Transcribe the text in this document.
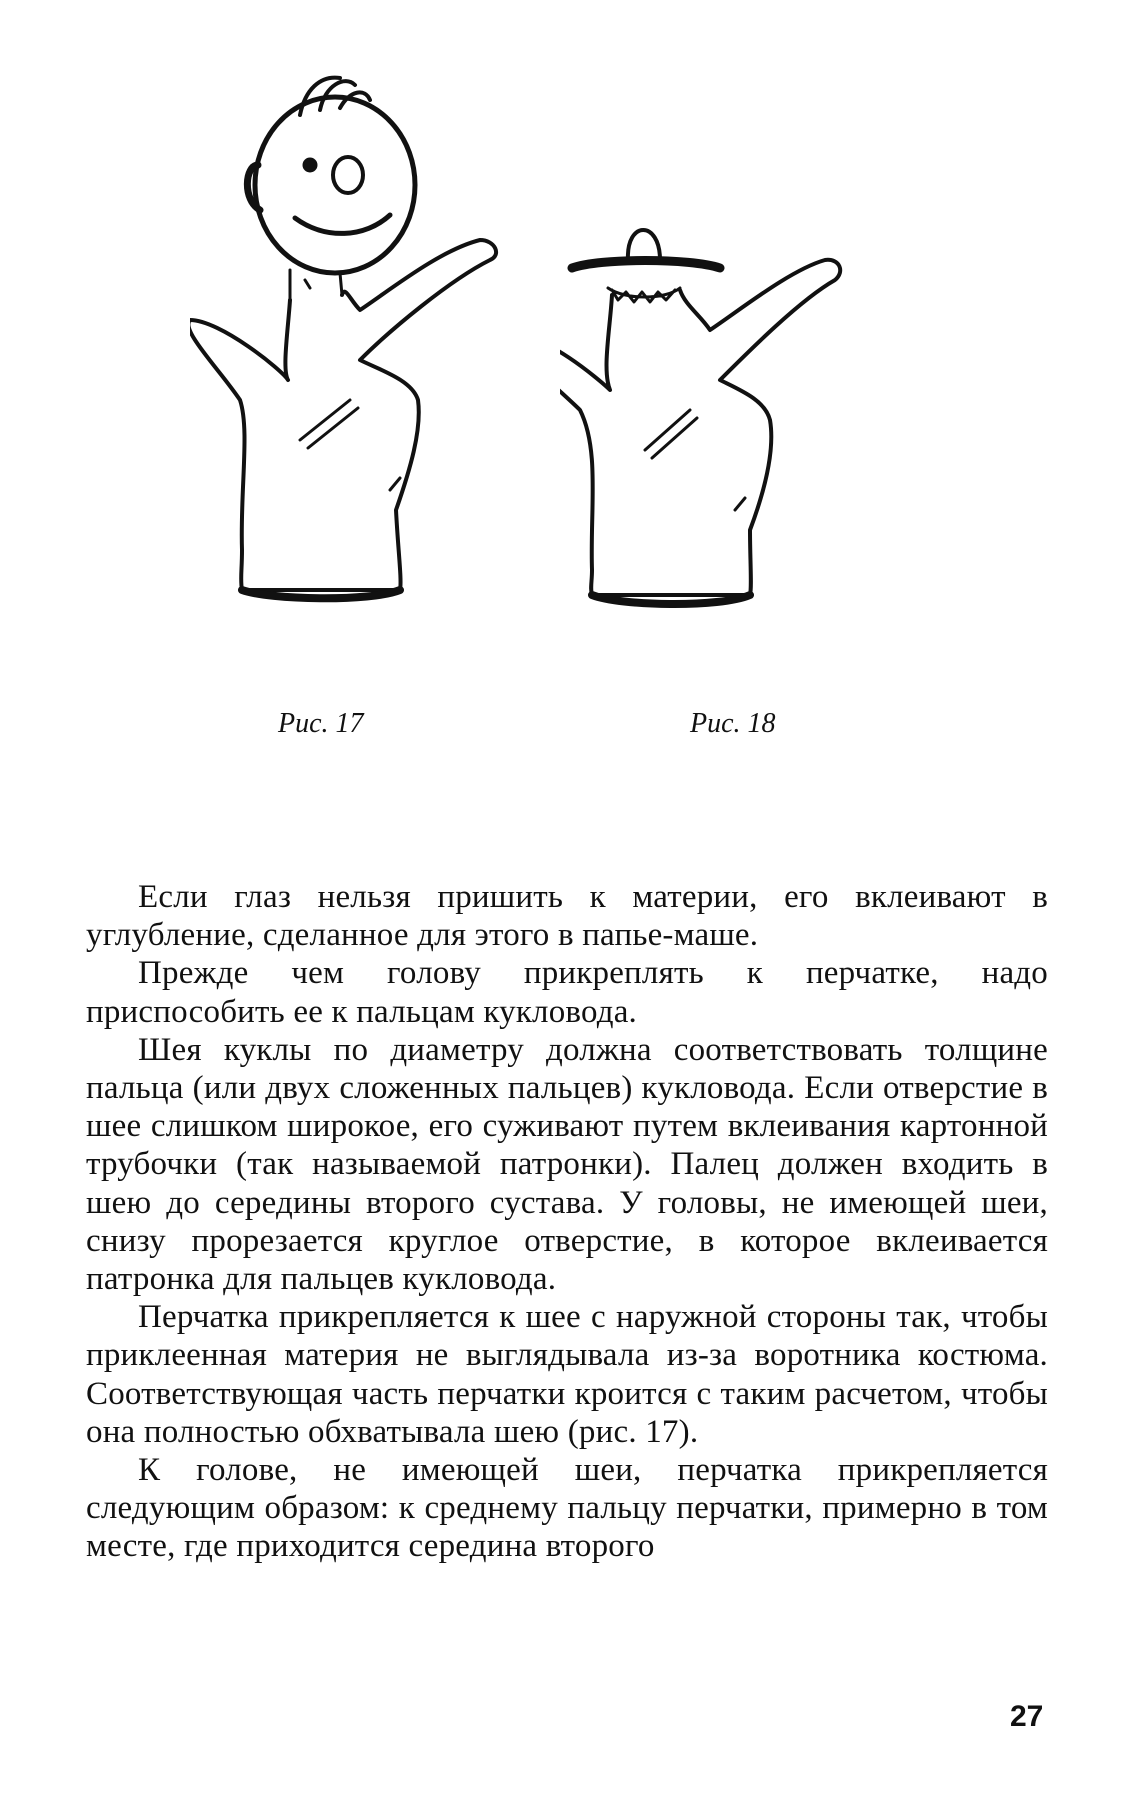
Рис. 17	Рис. 18

Если глаз нельзя пришить к материи, его вклеивают в углубление, сделанное для этого в папье-маше.

Прежде чем голову прикреплять к перчатке, надо приспособить ее к пальцам кукловода.

Шея куклы по диаметру должна соответствовать толщине пальца (или двух сложенных пальцев) кукловода. Если отверстие в шее слишком широкое, его суживают путем вклеивания картонной трубочки (так называемой патронки). Палец должен входить в шею до середины второго сустава. У головы, не имеющей шеи, снизу прорезается круглое отверстие, в которое вклеивается патронка для пальцев кукловода.

Перчатка прикрепляется к шее с наружной стороны так, чтобы приклеенная материя не выглядывала из-за воротника костюма. Соответствующая часть перчатки кроится с таким расчетом, чтобы она полностью обхватывала шею (рис. 17).

К голове, не имеющей шеи, перчатка прикрепляется следующим образом: к среднему пальцу перчатки, примерно в том месте, где приходится середина второго

27
